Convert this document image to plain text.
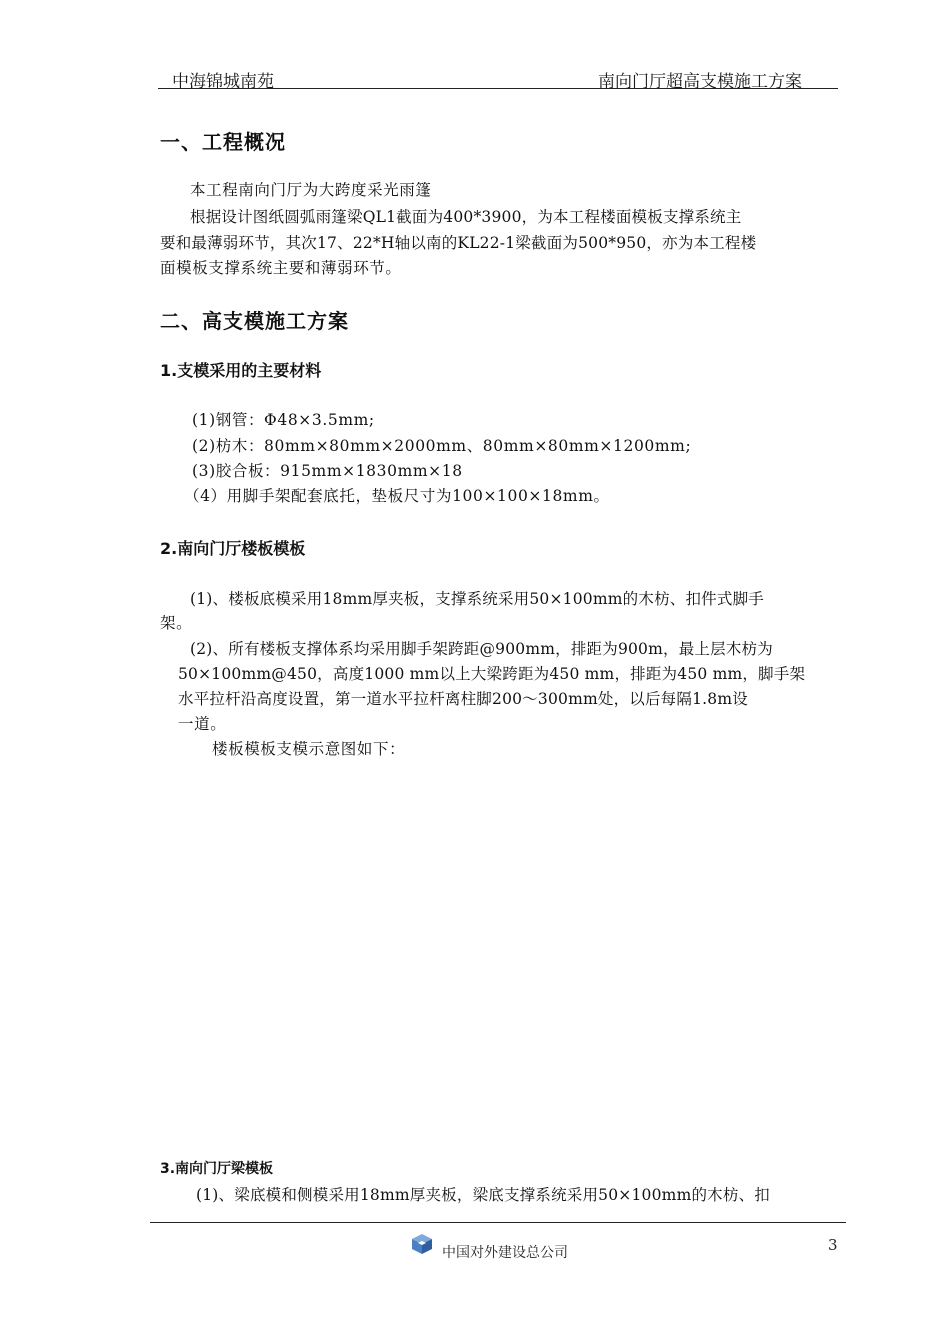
中海锦城南苑	南向门厅超高支模施工方案
一、工程概况
本工程南向门厅为大跨度采光雨篷
根据设计图纸圆弧雨篷梁QL1截面为400*3900，为本工程楼面模板支撑系统主
要和最薄弱环节，其次17、22*H轴以南的KL22-1梁截面为500*950，亦为本工程楼
面模板支撑系统主要和薄弱环节。
二、高支模施工方案
1.支模采用的主要材料
(1)钢管：Φ48×3.5mm;
(2)枋木：80mm×80mm×2000mm、80mm×80mm×1200mm;
(3)胶合板：915mm×1830mm×18
（4）用脚手架配套底托，垫板尺寸为100×100×18mm。
2.南向门厅楼板模板
(1)、楼板底模采用18mm厚夹板，支撑系统采用50×100mm的木枋、扣件式脚手
架。
(2)、所有楼板支撑体系均采用脚手架跨距@900mm，排距为900m，最上层木枋为
50×100mm@450，高度1000 mm以上大梁跨距为450 mm，排距为450 mm，脚手架
水平拉杆沿高度设置，第一道水平拉杆离柱脚200～300mm处，以后每隔1.8m设
一道。
楼板模板支模示意图如下：
3.南向门厅梁模板
(1)、梁底模和侧模采用18mm厚夹板，梁底支撑系统采用50×100mm的木枋、扣
中国对外建设总公司	3
